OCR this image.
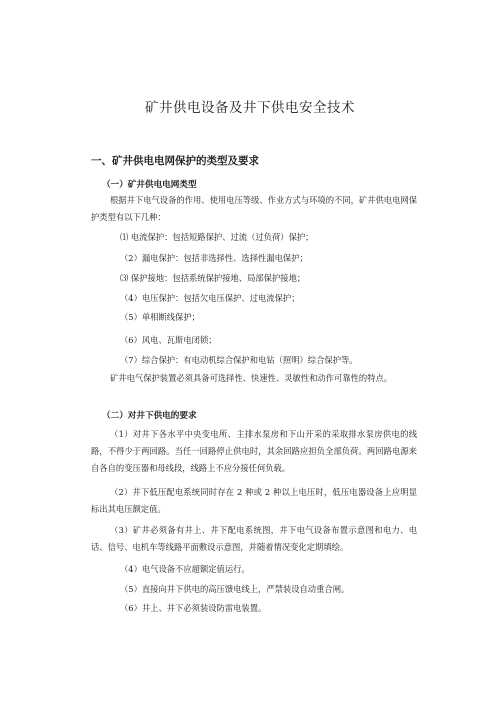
矿井供电设备及井下供电安全技术
一、矿井供电电网保护的类型及要求
（一）矿井供电电网类型

根据井下电气设备的作用、使用电压等级、作业方式与环境的不同，矿井供电电网保护类型有以下几种：

⑴ 电流保护：包括短路保护、过流（过负荷）保护；
（2）漏电保护：包括非选择性、选择性漏电保护；
⑶ 保护接地：包括系统保护接地、局部保护接地；
（4）电压保护：包括欠电压保护、过电流保护；
（5）单相断线保护；
（6）风电、瓦斯电闭锁；
（7）综合保护：有电动机综合保护和电钻（照明）综合保护等。

矿井电气保护装置必须具备可选择性、快速性、灵敏性和动作可靠性的特点。

（二）对井下供电的要求

（1）对井下各水平中央变电所、主排水泵房和下山开采的采取排水泵房供电的线路，不得少于两回路。当任一回路停止供电时，其余回路应担负全部负荷。两回路电源来自各自的变压器和母线段，线路上不应分接任何负载。

（2）井下低压配电系统同时存在 2 种或 2 种以上电压时，低压电器设备上应明显标出其电压额定值。

（3）矿井必须备有井上、井下配电系统图，井下电气设备布置示意图和电力、电话、信号、电机车等线路平面敷设示意图，并随着情况变化定期填绘。

（4）电气设备不应超额定值运行。
（5）直接向井下供电的高压馈电线上，严禁装设自动重合闸。
（6）井上、井下必须装设防雷电装置。
